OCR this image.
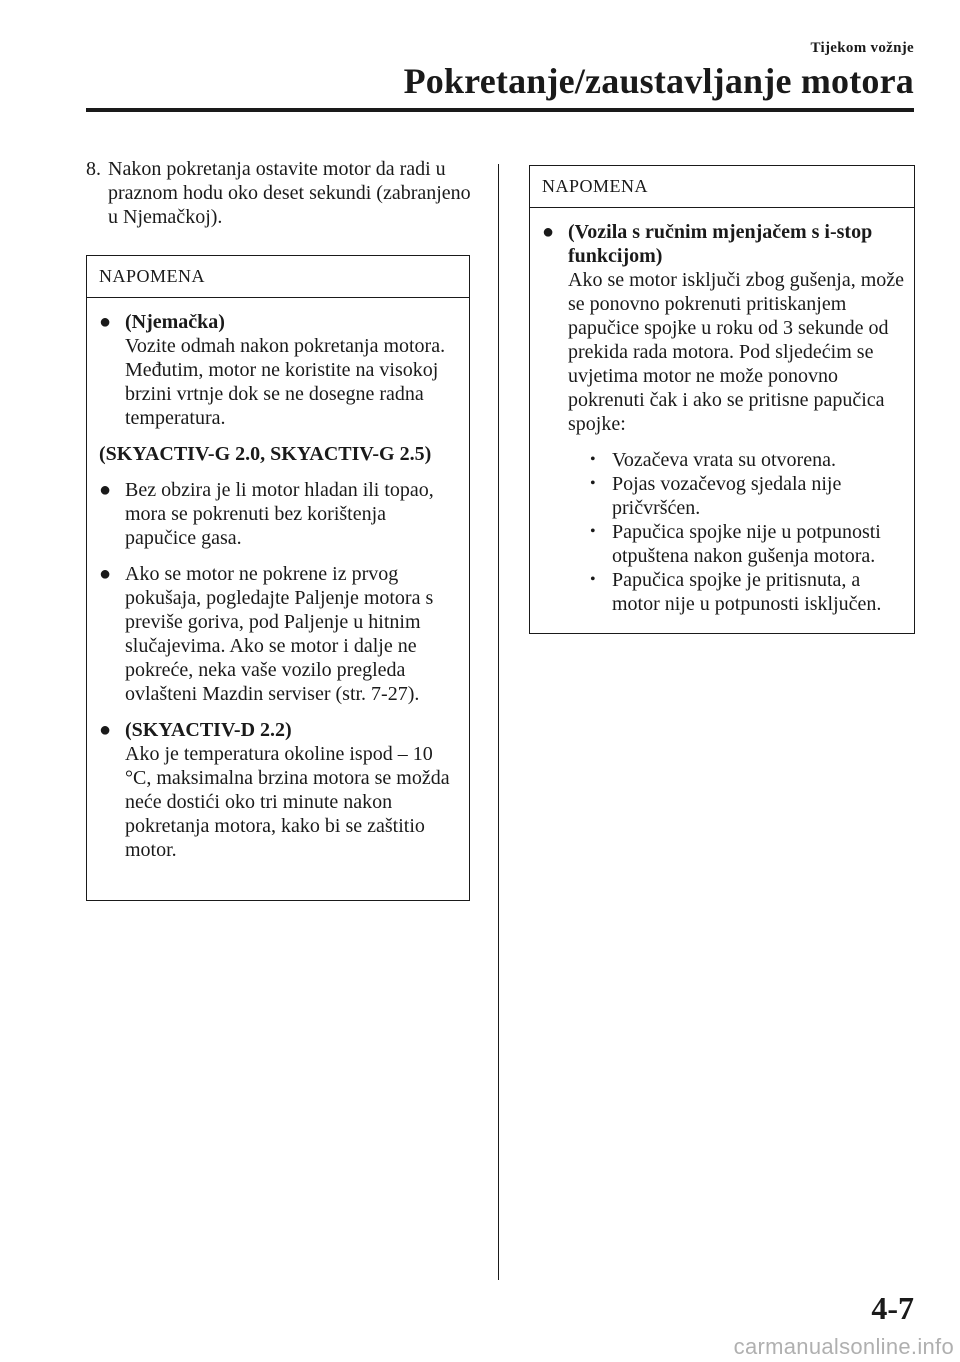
Tijekom vožnje
Pokretanje/zaustavljanje motora
8. Nakon pokretanja ostavite motor da radi u praznom hodu oko deset sekundi (zabranjeno u Njemačkoj).
NAPOMENA
● (Njemačka)
Vozite odmah nakon pokretanja motora. Međutim, motor ne koristite na visokoj brzini vrtnje dok se ne dosegne radna temperatura.
(SKYACTIV-G 2.0, SKYACTIV-G 2.5)
● Bez obzira je li motor hladan ili topao, mora se pokrenuti bez korištenja papučice gasa.
● Ako se motor ne pokrene iz prvog pokušaja, pogledajte Paljenje motora s previše goriva, pod Paljenje u hitnim slučajevima. Ako se motor i dalje ne pokreće, neka vaše vozilo pregleda ovlašteni Mazdin serviser (str. 7-27).
● (SKYACTIV-D 2.2)
Ako je temperatura okoline ispod – 10 °C, maksimalna brzina motora se možda neće dostići oko tri minute nakon pokretanja motora, kako bi se zaštitio motor.
NAPOMENA
● (Vozila s ručnim mjenjačem s i-stop funkcijom)
Ako se motor isključi zbog gušenja, može se ponovno pokrenuti pritiskanjem papučice spojke u roku od 3 sekunde od prekida rada motora. Pod sljedećim se uvjetima motor ne može ponovno pokrenuti čak i ako se pritisne papučica spojke:
• Vozačeva vrata su otvorena.
• Pojas vozačevog sjedala nije pričvršćen.
• Papučica spojke nije u potpunosti otpuštena nakon gušenja motora.
• Papučica spojke je pritisnuta, a motor nije u potpunosti isključen.
4-7
carmanualsonline.info
